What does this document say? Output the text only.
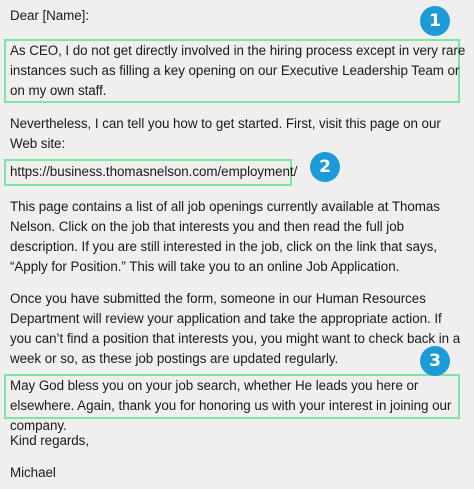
Dear [Name]:

As CEO, I do not get directly involved in the hiring process except in very rare instances such as filling a key opening on our Executive Leadership Team or on my own staff.

Nevertheless, I can tell you how to get started. First, visit this page on our Web site:

https://business.thomasnelson.com/employment/

This page contains a list of all job openings currently available at Thomas Nelson. Click on the job that interests you and then read the full job description. If you are still interested in the job, click on the link that says, “Apply for Position.” This will take you to an online Job Application.

Once you have submitted the form, someone in our Human Resources Department will review your application and take the appropriate action. If you can’t find a position that interests you, you might want to check back in a week or so, as these job postings are updated regularly.

May God bless you on your job search, whether He leads you here or elsewhere. Again, thank you for honoring us with your interest in joining our company.

Kind regards,

Michael

1
2
3
